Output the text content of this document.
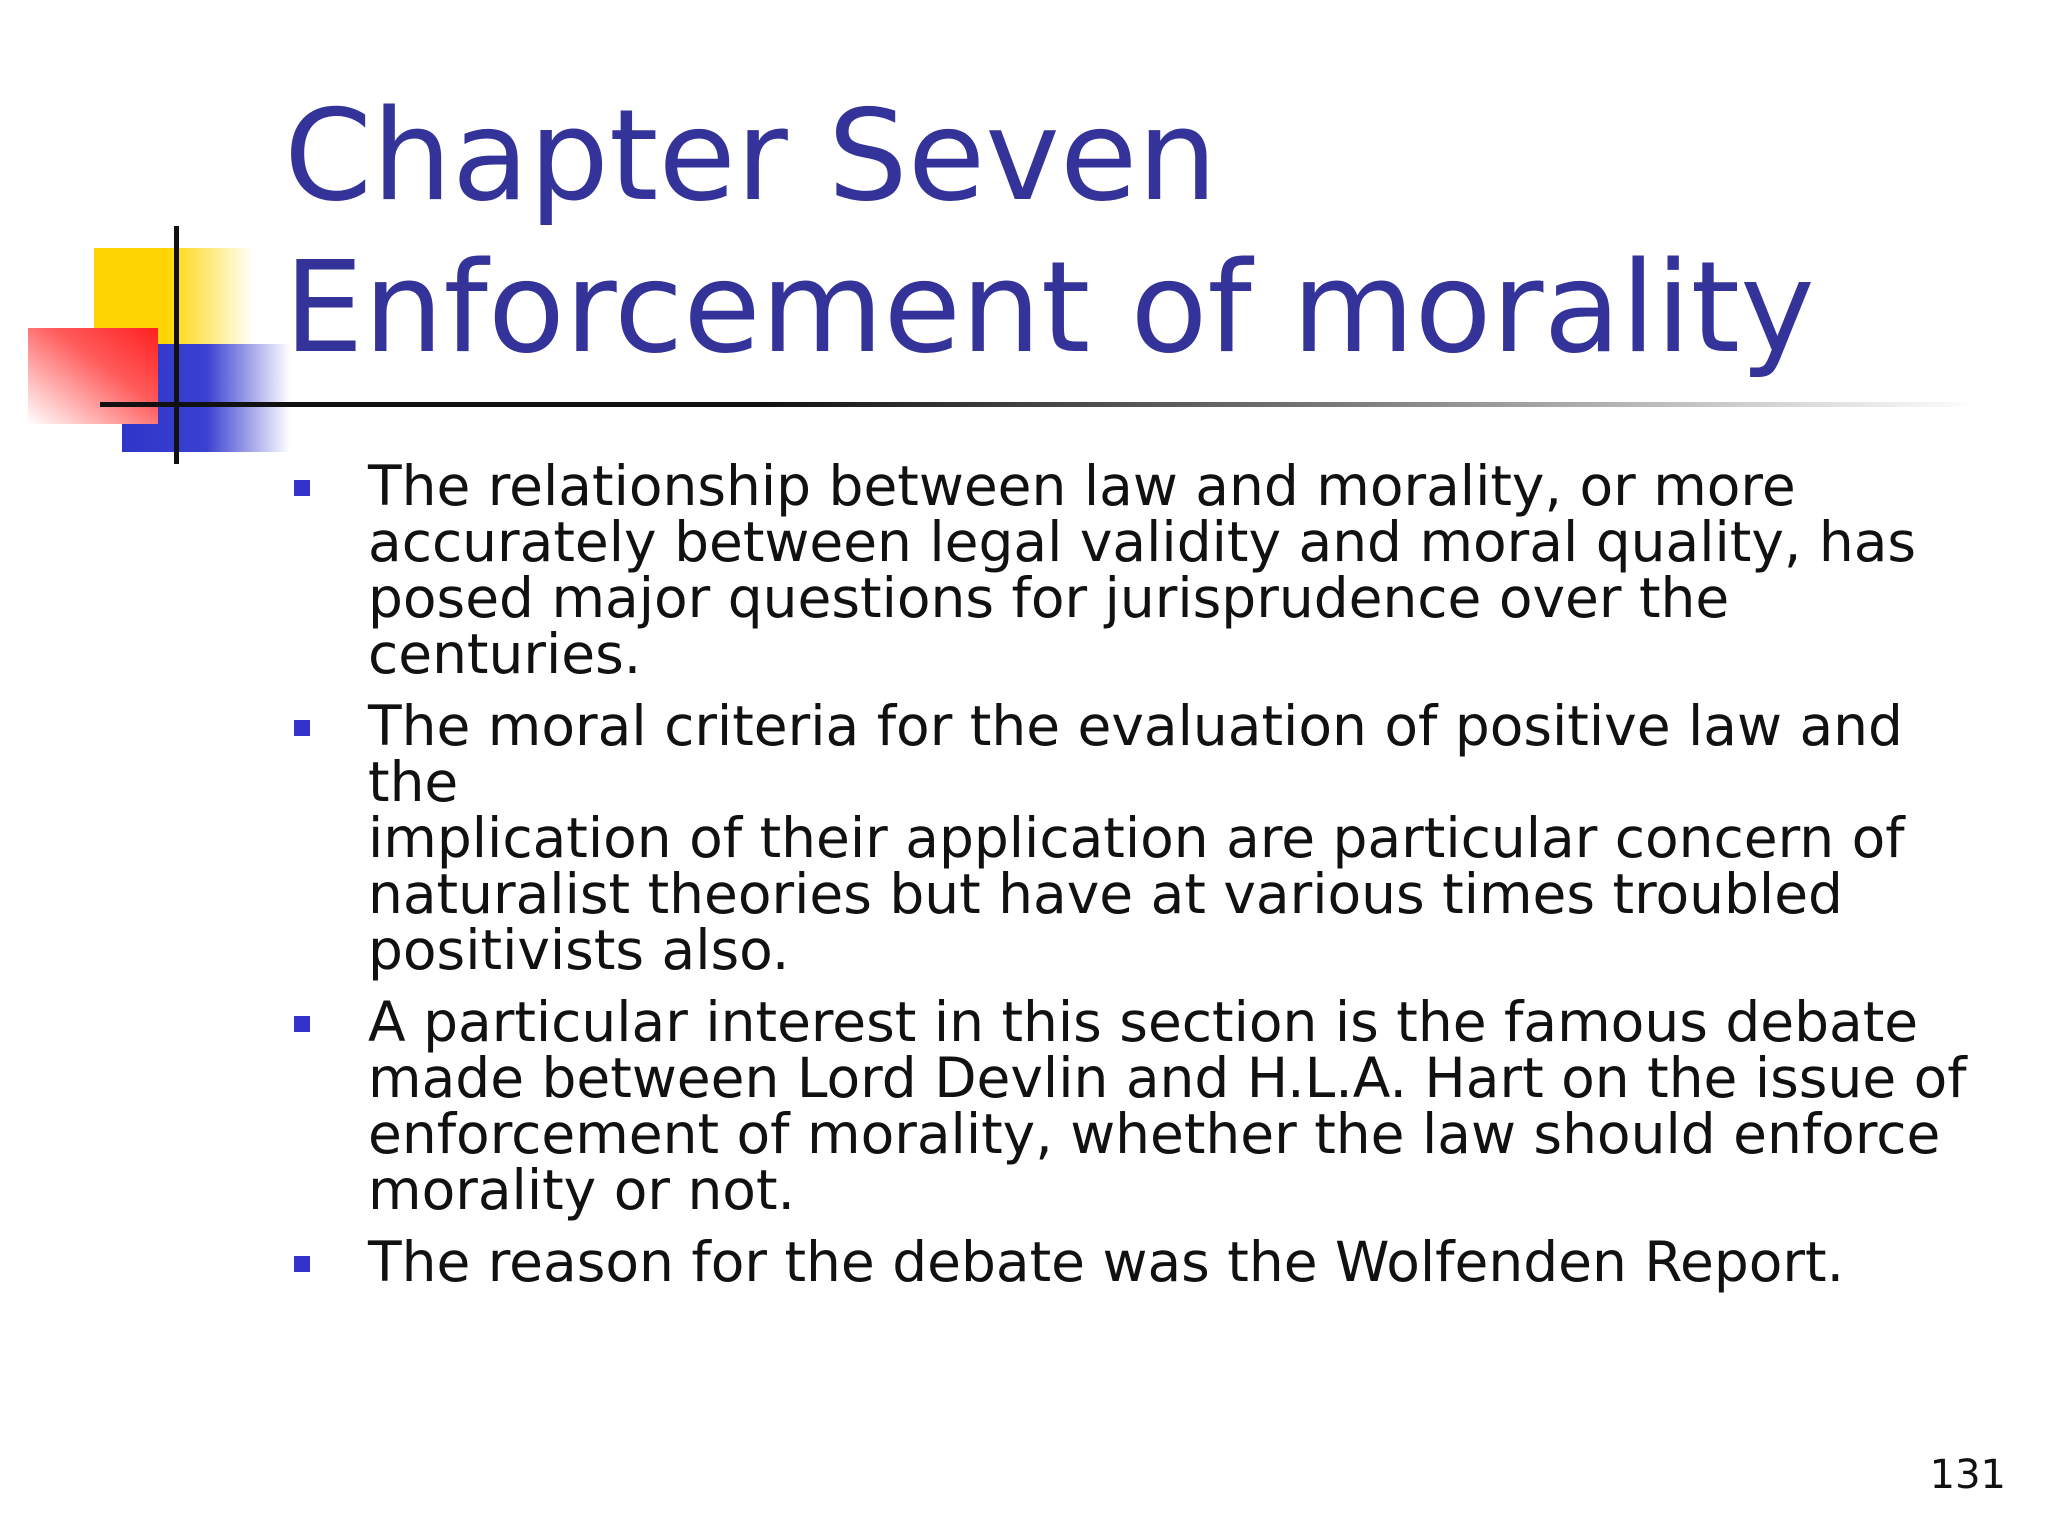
Chapter Seven
Enforcement of morality
The relationship between law and morality, or more
accurately between legal validity and moral quality, has
posed major questions for jurisprudence over the centuries.
The moral criteria for the evaluation of positive law and the
implication of their application are particular concern of
naturalist theories but have at various times troubled
positivists also.
A particular interest in this section is the famous debate
made between Lord Devlin and H.L.A. Hart on the issue of
enforcement of morality, whether the law should enforce
morality or not.
The reason for the debate was the Wolfenden Report.
131
